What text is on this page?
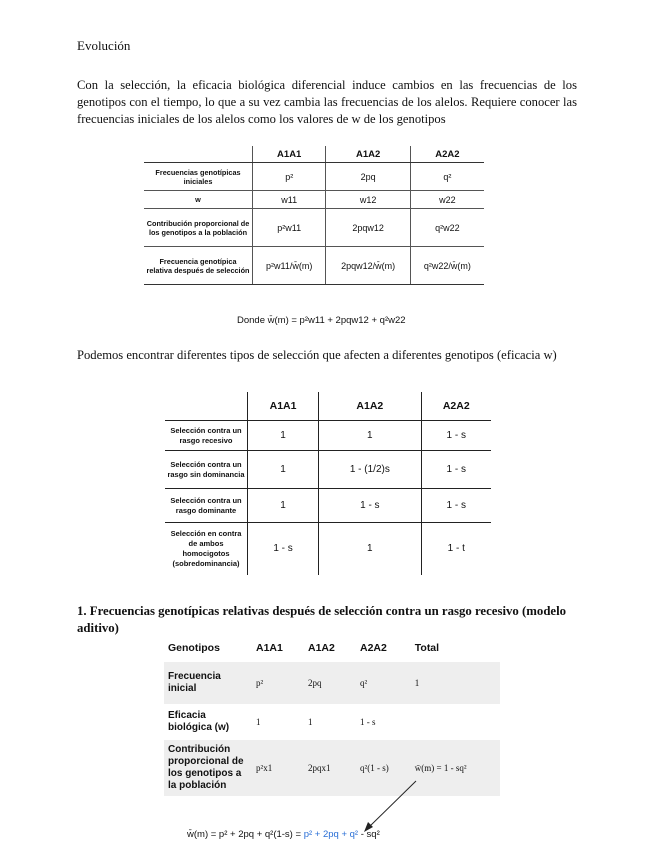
Evolución
Con la selección, la eficacia biológica diferencial induce cambios en las frecuencias de los genotipos con el tiempo, lo que a su vez cambia las frecuencias de los alelos. Requiere conocer las frecuencias iniciales de los alelos como los valores de w de los genotipos
	A1A1	A1A2	A2A2
Frecuencias genotípicas iniciales	p²	2pq	q²
w	w11	w12	w22
Contribución proporcional de los genotipos a la población	p²w11	2pqw12	q²w22
Frecuencia genotípica relativa después de selección	p²w11/w̄(m)	2pqw12/w̄(m)	q²w22/w̄(m)
Donde w̄(m) = p²w11 + 2pqw12 + q²w22
Podemos encontrar diferentes tipos de selección que afecten a diferentes genotipos (eficacia w)
	A1A1	A1A2	A2A2
Selección contra un rasgo recesivo	1	1	1 - s
Selección contra un rasgo sin dominancia	1	1 - (1/2)s	1 - s
Selección contra un rasgo dominante	1	1 - s	1 - s
Selección en contra de ambos homocigotos (sobredominancia)	1 - s	1	1 - t
1. Frecuencias genotípicas relativas después de selección contra un rasgo recesivo (modelo aditivo)
Genotipos	A1A1	A1A2	A2A2	Total
Frecuencia inicial	p²	2pq	q²	1
Eficacia biológica (w)	1	1	1 - s	
Contribución proporcional de los genotipos a la población	p²x1	2pqx1	q²(1 - s)	w̄(m) = 1 - sq²
w̄(m) = p² + 2pq + q²(1-s) = p² + 2pq + q² - sq²
